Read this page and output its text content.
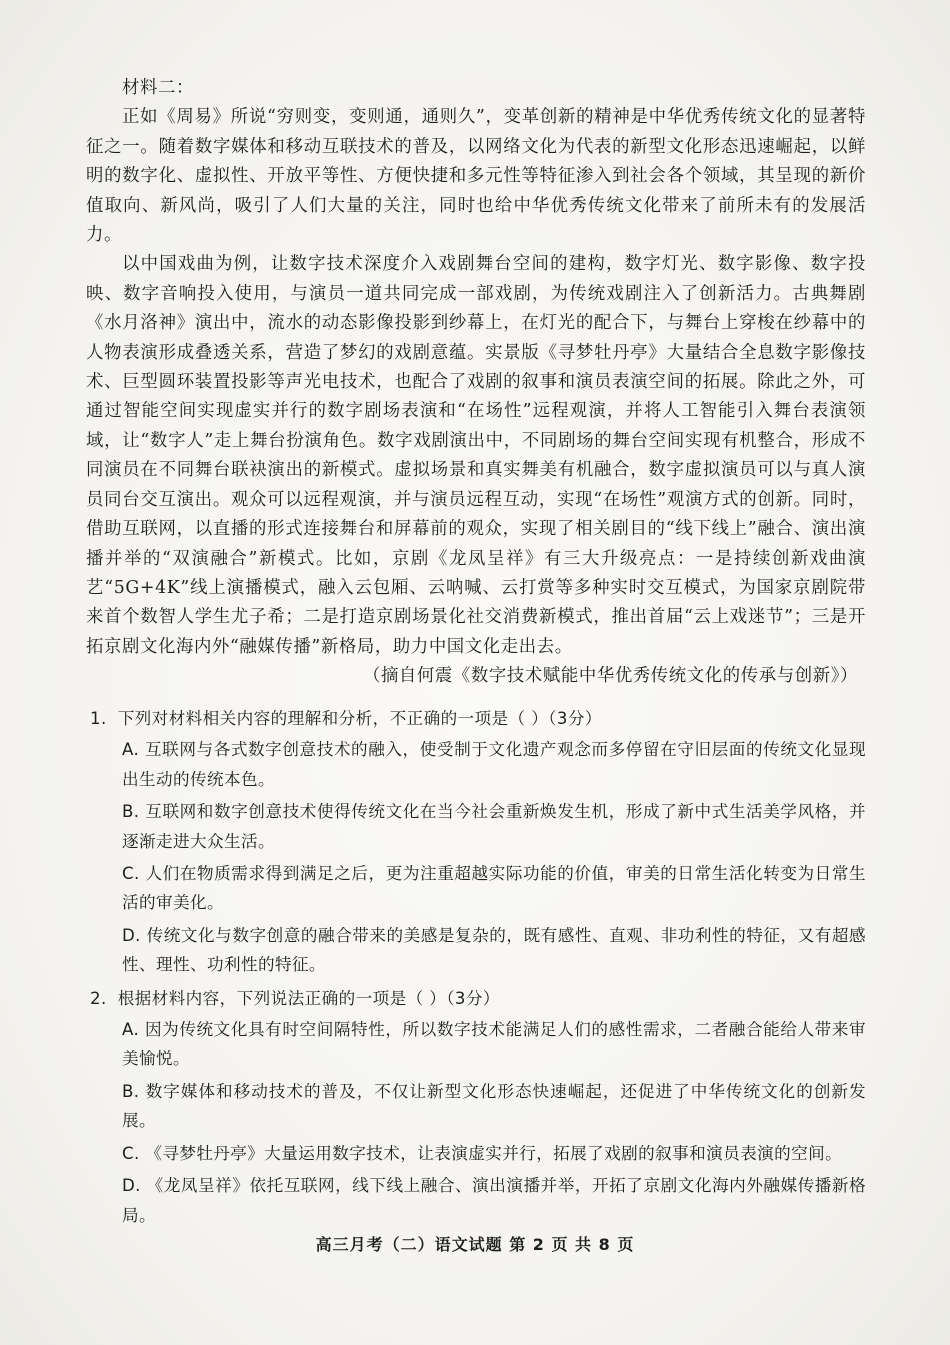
材料二：

正如《周易》所说“穷则变，变则通，通则久”，变革创新的精神是中华优秀传统文化的显著特征之一。随着数字媒体和移动互联技术的普及，以网络文化为代表的新型文化形态迅速崛起，以鲜明的数字化、虚拟性、开放平等性、方便快捷和多元性等特征渗入到社会各个领域，其呈现的新价值取向、新风尚，吸引了人们大量的关注，同时也给中华优秀传统文化带来了前所未有的发展活力。

以中国戏曲为例，让数字技术深度介入戏剧舞台空间的建构，数字灯光、数字影像、数字投映、数字音响投入使用，与演员一道共同完成一部戏剧，为传统戏剧注入了创新活力。古典舞剧《水月洛神》演出中，流水的动态影像投影到纱幕上，在灯光的配合下，与舞台上穿梭在纱幕中的人物表演形成叠透关系，营造了梦幻的戏剧意蕴。实景版《寻梦牡丹亭》大量结合全息数字影像技术、巨型圆环装置投影等声光电技术，也配合了戏剧的叙事和演员表演空间的拓展。除此之外，可通过智能空间实现虚实并行的数字剧场表演和“在场性”远程观演，并将人工智能引入舞台表演领域，让“数字人”走上舞台扮演角色。数字戏剧演出中，不同剧场的舞台空间实现有机整合，形成不同演员在不同舞台联袂演出的新模式。虚拟场景和真实舞美有机融合，数字虚拟演员可以与真人演员同台交互演出。观众可以远程观演，并与演员远程互动，实现“在场性”观演方式的创新。同时，借助互联网，以直播的形式连接舞台和屏幕前的观众，实现了相关剧目的“线下线上”融合、演出演播并举的“双演融合”新模式。比如，京剧《龙凤呈祥》有三大升级亮点：一是持续创新戏曲演艺“5G+4K”线上演播模式，融入云包厢、云呐喊、云打赏等多种实时交互模式，为国家京剧院带来首个数智人学生尤子希；二是打造京剧场景化社交消费新模式，推出首届“云上戏迷节”；三是开拓京剧文化海内外“融媒传播”新格局，助力中国文化走出去。

（摘自何震《数字技术赋能中华优秀传统文化的传承与创新》）

1. 下列对材料相关内容的理解和分析，不正确的一项是（ ）（3分）
A. 互联网与各式数字创意技术的融入，使受制于文化遗产观念而多停留在守旧层面的传统文化显现出生动的传统本色。
B. 互联网和数字创意技术使得传统文化在当今社会重新焕发生机，形成了新中式生活美学风格，并逐渐走进大众生活。
C. 人们在物质需求得到满足之后，更为注重超越实际功能的价值，审美的日常生活化转变为日常生活的审美化。
D. 传统文化与数字创意的融合带来的美感是复杂的，既有感性、直观、非功利性的特征，又有超感性、理性、功利性的特征。
2. 根据材料内容，下列说法正确的一项是（ ）（3分）
A. 因为传统文化具有时空间隔特性，所以数字技术能满足人们的感性需求，二者融合能给人带来审美愉悦。
B. 数字媒体和移动技术的普及，不仅让新型文化形态快速崛起，还促进了中华传统文化的创新发展。
C. 《寻梦牡丹亭》大量运用数字技术，让表演虚实并行，拓展了戏剧的叙事和演员表演的空间。
D. 《龙凤呈祥》依托互联网，线下线上融合、演出演播并举，开拓了京剧文化海内外融媒传播新格局。
高三月考（二）语文试题 第 2 页 共 8 页
